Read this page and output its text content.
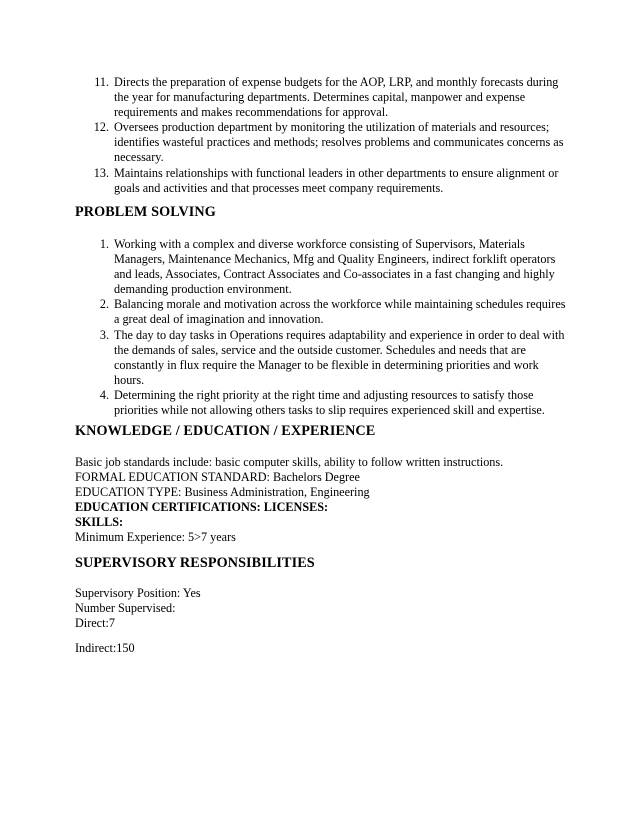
11. Directs the preparation of expense budgets for the AOP, LRP, and monthly forecasts during the year for manufacturing departments. Determines capital, manpower and expense requirements and makes recommendations for approval.
12. Oversees production department by monitoring the utilization of materials and resources; identifies wasteful practices and methods; resolves problems and communicates concerns as necessary.
13. Maintains relationships with functional leaders in other departments to ensure alignment or goals and activities and that processes meet company requirements.
PROBLEM SOLVING
1. Working with a complex and diverse workforce consisting of Supervisors, Materials Managers, Maintenance Mechanics, Mfg and Quality Engineers, indirect forklift operators and leads, Associates, Contract Associates and Co-associates in a fast changing and highly demanding production environment.
2. Balancing morale and motivation across the workforce while maintaining schedules requires a great deal of imagination and innovation.
3. The day to day tasks in Operations requires adaptability and experience in order to deal with the demands of sales, service and the outside customer. Schedules and needs that are constantly in flux require the Manager to be flexible in determining priorities and work hours.
4. Determining the right priority at the right time and adjusting resources to satisfy those priorities while not allowing others tasks to slip requires experienced skill and expertise.
KNOWLEDGE / EDUCATION / EXPERIENCE
Basic job standards include: basic computer skills, ability to follow written instructions.
FORMAL EDUCATION STANDARD: Bachelors Degree
EDUCATION TYPE: Business Administration, Engineering
EDUCATION CERTIFICATIONS: LICENSES:
SKILLS:
Minimum Experience: 5>7 years
SUPERVISORY RESPONSIBILITIES
Supervisory Position: Yes
Number Supervised:
Direct:7
Indirect:150
